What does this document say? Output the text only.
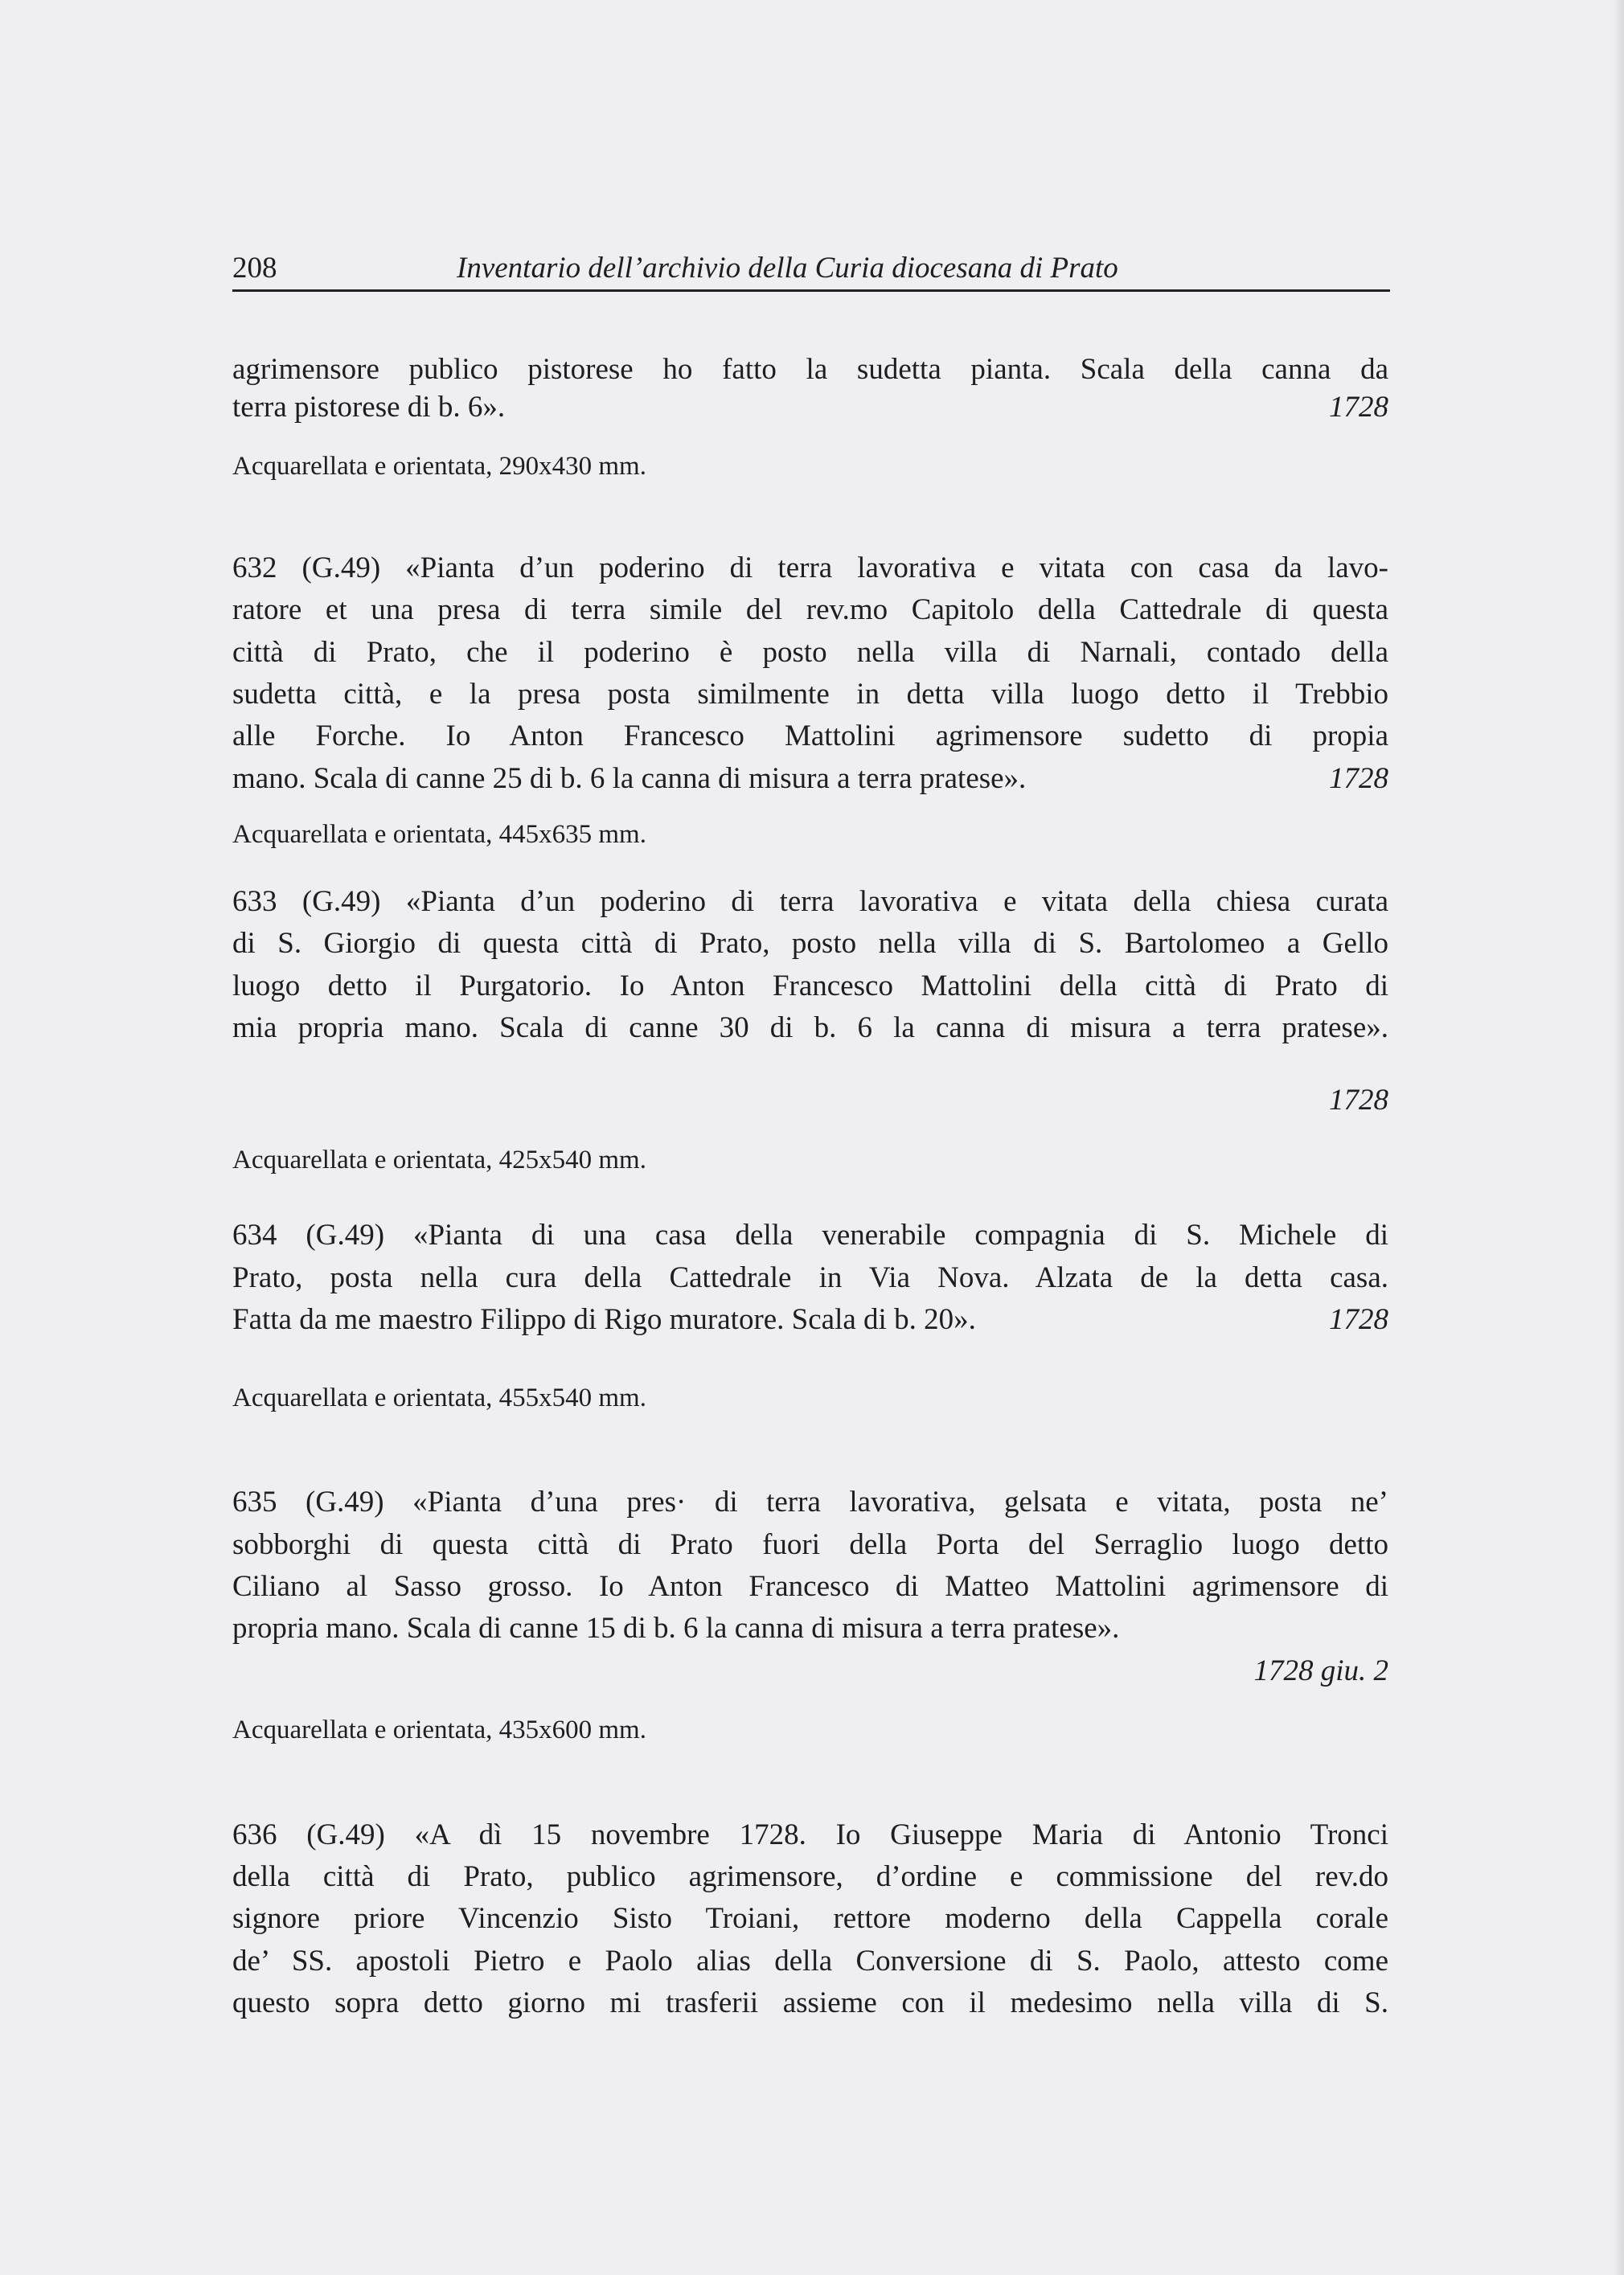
208	Inventario dell’archivio della Curia diocesana di Prato
agrimensore publico pistorese ho fatto la sudetta pianta. Scala della canna da
terra pistorese di b. 6».	1728
Acquarellata e orientata, 290x430 mm.
632 (G.49) «Pianta d’un poderino di terra lavorativa e vitata con casa da lavo-
ratore et una presa di terra simile del rev.mo Capitolo della Cattedrale di questa
città di Prato, che il poderino è posto nella villa di Narnali, contado della
sudetta città, e la presa posta similmente in detta villa luogo detto il Trebbio
alle Forche. Io Anton Francesco Mattolini agrimensore sudetto di propia
mano. Scala di canne 25 di b. 6 la canna di misura a terra pratese».	1728
Acquarellata e orientata, 445x635 mm.
633 (G.49) «Pianta d’un poderino di terra lavorativa e vitata della chiesa curata
di S. Giorgio di questa città di Prato, posto nella villa di S. Bartolomeo a Gello
luogo detto il Purgatorio. Io Anton Francesco Mattolini della città di Prato di
mia propria mano. Scala di canne 30 di b. 6 la canna di misura a terra pratese».
1728
Acquarellata e orientata, 425x540 mm.
634 (G.49) «Pianta di una casa della venerabile compagnia di S. Michele di
Prato, posta nella cura della Cattedrale in Via Nova. Alzata de la detta casa.
Fatta da me maestro Filippo di Rigo muratore. Scala di b. 20».	1728
Acquarellata e orientata, 455x540 mm.
635 (G.49) «Pianta d’una pres· di terra lavorativa, gelsata e vitata, posta ne’
sobborghi di questa città di Prato fuori della Porta del Serraglio luogo detto
Ciliano al Sasso grosso. Io Anton Francesco di Matteo Mattolini agrimensore di
propria mano. Scala di canne 15 di b. 6 la canna di misura a terra pratese».
1728 giu. 2
Acquarellata e orientata, 435x600 mm.
636 (G.49) «A dì 15 novembre 1728. Io Giuseppe Maria di Antonio Tronci
della città di Prato, publico agrimensore, d’ordine e commissione del rev.do
signore priore Vincenzio Sisto Troiani, rettore moderno della Cappella corale
de’ SS. apostoli Pietro e Paolo alias della Conversione di S. Paolo, attesto come
questo sopra detto giorno mi trasferii assieme con il medesimo nella villa di S.
